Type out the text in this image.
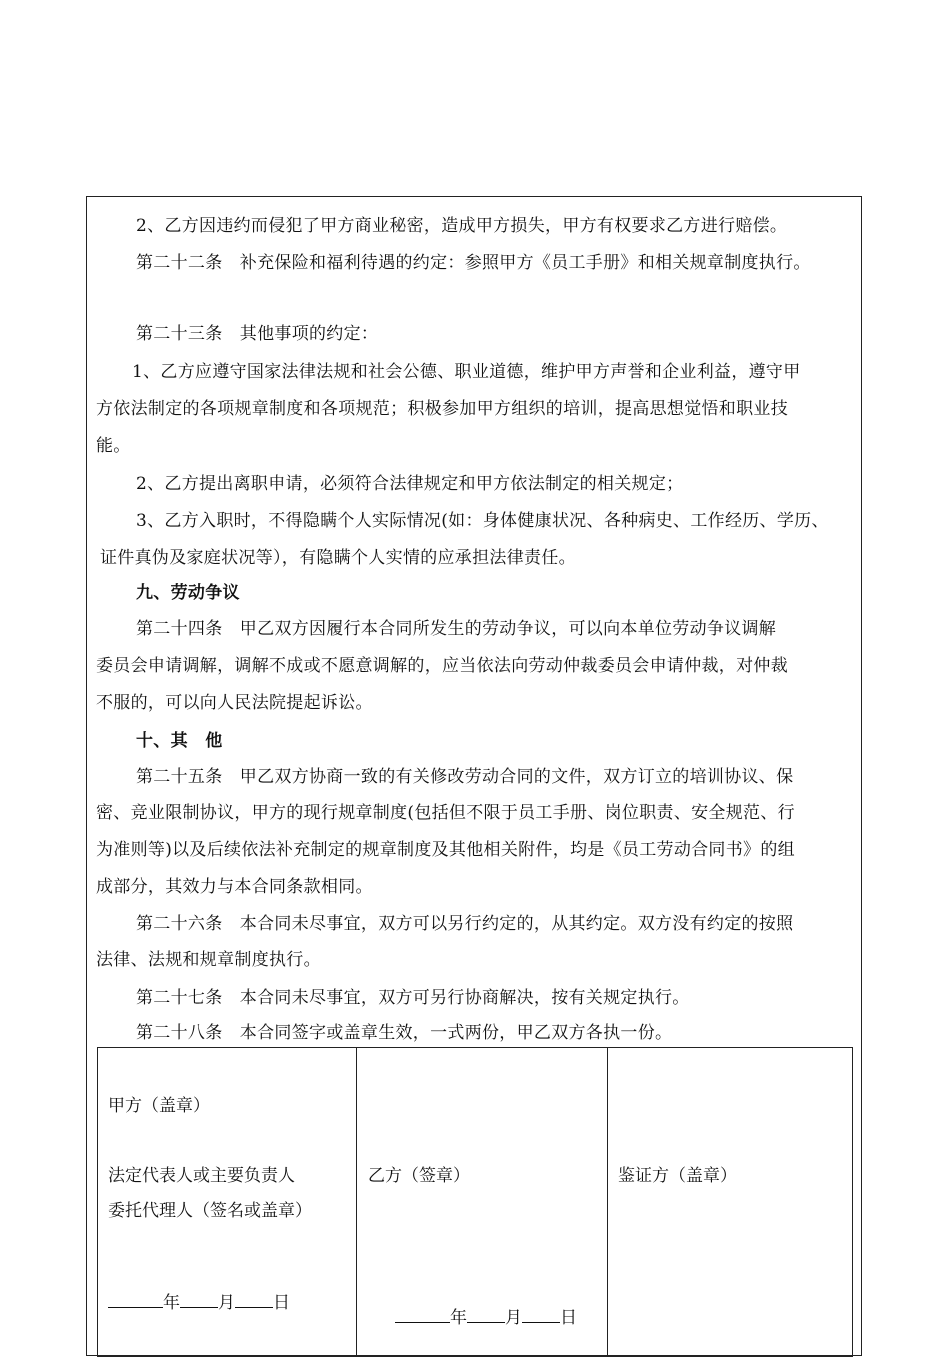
2、乙方因违约而侵犯了甲方商业秘密，造成甲方损失，甲方有权要求乙方进行赔偿。
第二十二条　补充保险和福利待遇的约定：参照甲方《员工手册》和相关规章制度执行。
第二十三条　其他事项的约定：
1、乙方应遵守国家法律法规和社会公德、职业道德，维护甲方声誉和企业利益，遵守甲
方依法制定的各项规章制度和各项规范；积极参加甲方组织的培训，提高思想觉悟和职业技
能。
2、乙方提出离职申请，必须符合法律规定和甲方依法制定的相关规定；
3、乙方入职时，不得隐瞒个人实际情况(如：身体健康状况、各种病史、工作经历、学历、
证件真伪及家庭状况等），有隐瞒个人实情的应承担法律责任。
九、劳动争议
第二十四条　甲乙双方因履行本合同所发生的劳动争议，可以向本单位劳动争议调解
委员会申请调解，调解不成或不愿意调解的，应当依法向劳动仲裁委员会申请仲裁，对仲裁
不服的，可以向人民法院提起诉讼。
十、其　他
第二十五条　甲乙双方协商一致的有关修改劳动合同的文件，双方订立的培训协议、保
密、竞业限制协议，甲方的现行规章制度(包括但不限于员工手册、岗位职责、安全规范、行
为准则等)以及后续依法补充制定的规章制度及其他相关附件，均是《员工劳动合同书》的组
成部分，其效力与本合同条款相同。
第二十六条　本合同未尽事宜，双方可以另行约定的，从其约定。双方没有约定的按照
法律、法规和规章制度执行。
第二十七条　本合同未尽事宜，双方可另行协商解决，按有关规定执行。
第二十八条　本合同签字或盖章生效，一式两份，甲乙双方各执一份。
甲方（盖章）
法定代表人或主要负责人
委托代理人（签名或盖章）
年 月 日
乙方（签章）
年 月 日
鉴证方（盖章）
